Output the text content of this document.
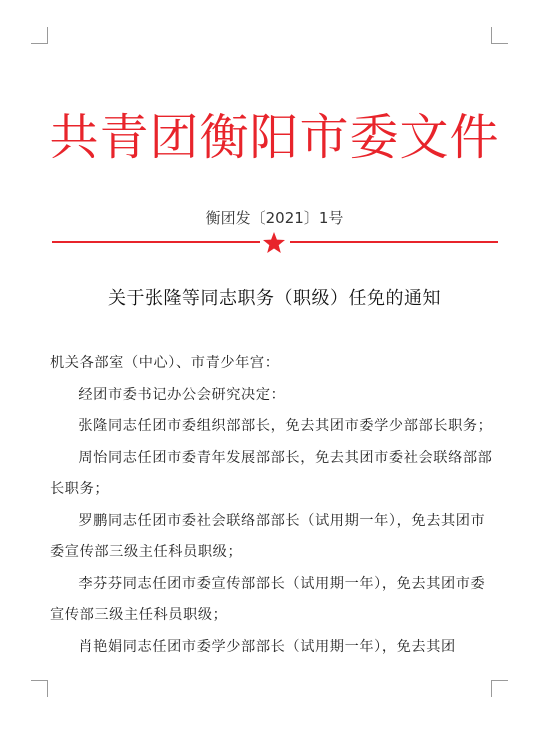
共青团衡阳市委文件
衡团发〔2021〕1号
关于张隆等同志职务（职级）任免的通知

机关各部室（中心）、市青少年宫：

经团市委书记办公会研究决定：

张隆同志任团市委组织部部长，免去其团市委学少部部长职务；

周怡同志任团市委青年发展部部长，免去其团市委社会联络部部长职务；

罗鹏同志任团市委社会联络部部长（试用期一年），免去其团市委宣传部三级主任科员职级；

李芬芬同志任团市委宣传部部长（试用期一年），免去其团市委宣传部三级主任科员职级；

肖艳娟同志任团市委学少部部长（试用期一年），免去其团
